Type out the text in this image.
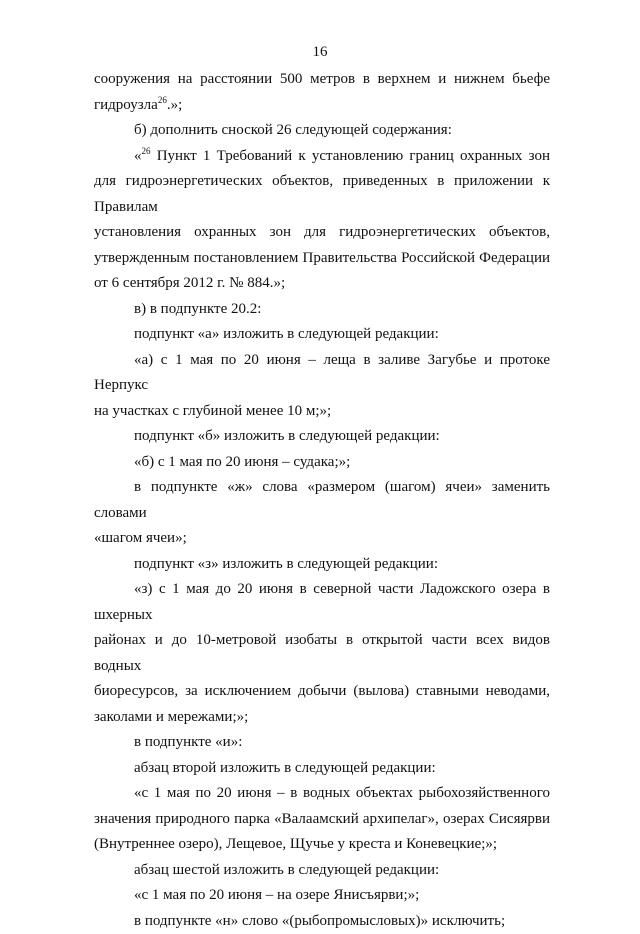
16

сооружения на расстоянии 500 метров в верхнем и нижнем бьефе

гидроузла$^{26}$.»;

б) дополнить сноской 26 следующей содержания:

«$^{26}$ Пункт 1 Требований к установлению границ охранных зон

для гидроэнергетических объектов, приведенных в приложении к Правилам

установления охранных зон для гидроэнергетических объектов,

утвержденным постановлением Правительства Российской Федерации

от 6 сентября 2012 г. № 884.»;

в) в подпункте 20.2:

подпункт «а» изложить в следующей редакции:

«а) с 1 мая по 20 июня – леща в заливе Загубье и протоке Нерпукс

на участках с глубиной менее 10 м;»;

подпункт «б» изложить в следующей редакции:

«б) с 1 мая по 20 июня – судака;»;

в подпункте «ж» слова «размером (шагом) ячеи» заменить словами

«шагом ячеи»;

подпункт «з» изложить в следующей редакции:

«з) с 1 мая до 20 июня в северной части Ладожского озера в шхерных

районах и до 10-метровой изобаты в открытой части всех видов водных

биоресурсов, за исключением добычи (вылова) ставными неводами,

заколами и мережами;»;

в подпункте «и»:

абзац второй изложить в следующей редакции:

«с 1 мая по 20 июня – в водных объектах рыбохозяйственного

значения природного парка «Валаамский архипелаг», озерах Сисяярви

(Внутреннее озеро), Лещевое, Щучье у креста и Коневецкие;»;

абзац шестой изложить в следующей редакции:

«с 1 мая по 20 июня – на озере Янисъярви;»;

в подпункте «н» слово «(рыбопромысловых)» исключить;
